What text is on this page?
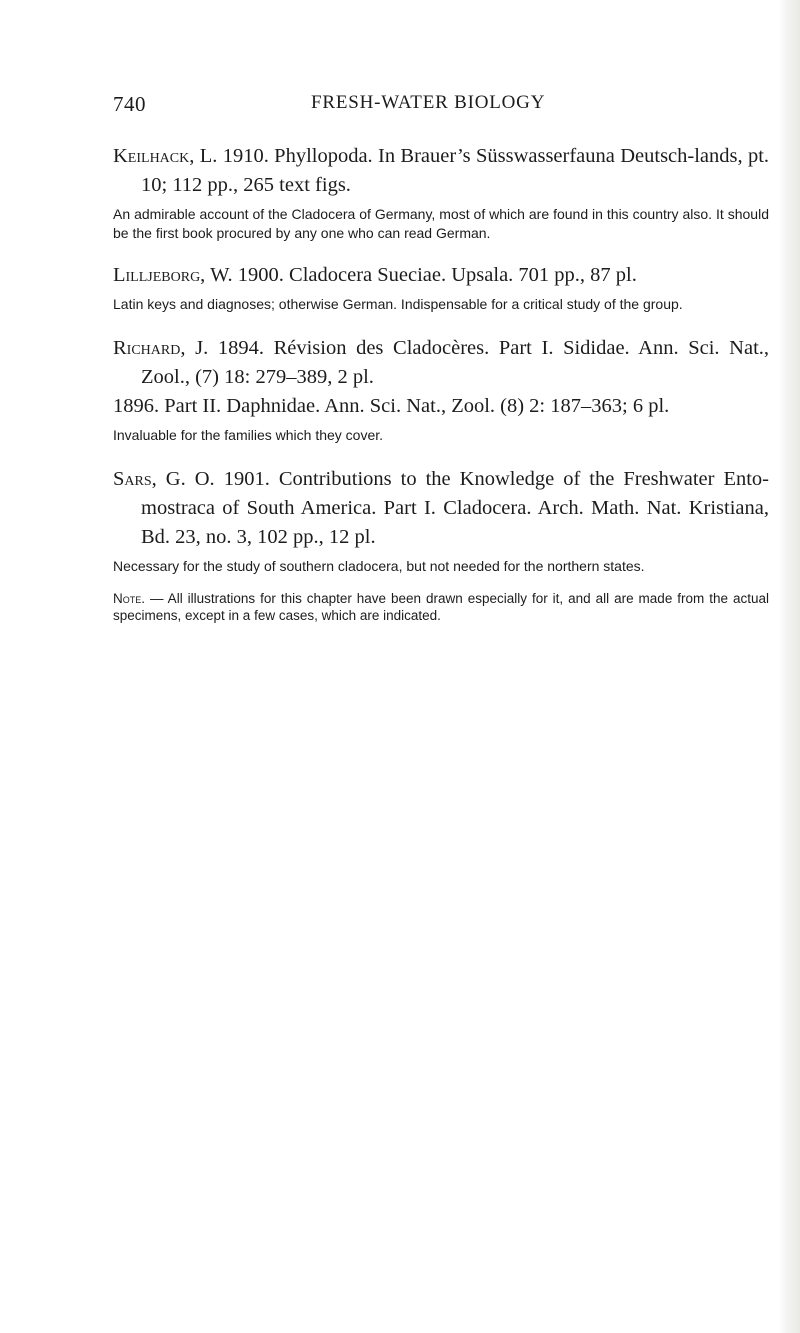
740	FRESH-WATER BIOLOGY

Keilhack, L. 1910. Phyllopoda. In Brauer’s Süsswasserfauna Deutsch-lands, pt. 10; 112 pp., 265 text figs.

An admirable account of the Cladocera of Germany, most of which are found in this country also. It should be the first book procured by any one who can read German.

Lilljeborg, W. 1900. Cladocera Sueciae. Upsala. 701 pp., 87 pl.

Latin keys and diagnoses; otherwise German. Indispensable for a critical study of the group.

Richard, J. 1894. Révision des Cladocères. Part I. Sididae. Ann. Sci. Nat., Zool., (7) 18: 279–389, 2 pl.

1896. Part II. Daphnidae. Ann. Sci. Nat., Zool. (8) 2: 187–363; 6 pl.

Invaluable for the families which they cover.

Sars, G. O. 1901. Contributions to the Knowledge of the Freshwater Ento-mostraca of South America. Part I. Cladocera. Arch. Math. Nat. Kristiana, Bd. 23, no. 3, 102 pp., 12 pl.

Necessary for the study of southern cladocera, but not needed for the northern states.

Note. — All illustrations for this chapter have been drawn especially for it, and all are made from the actual specimens, except in a few cases, which are indicated.
